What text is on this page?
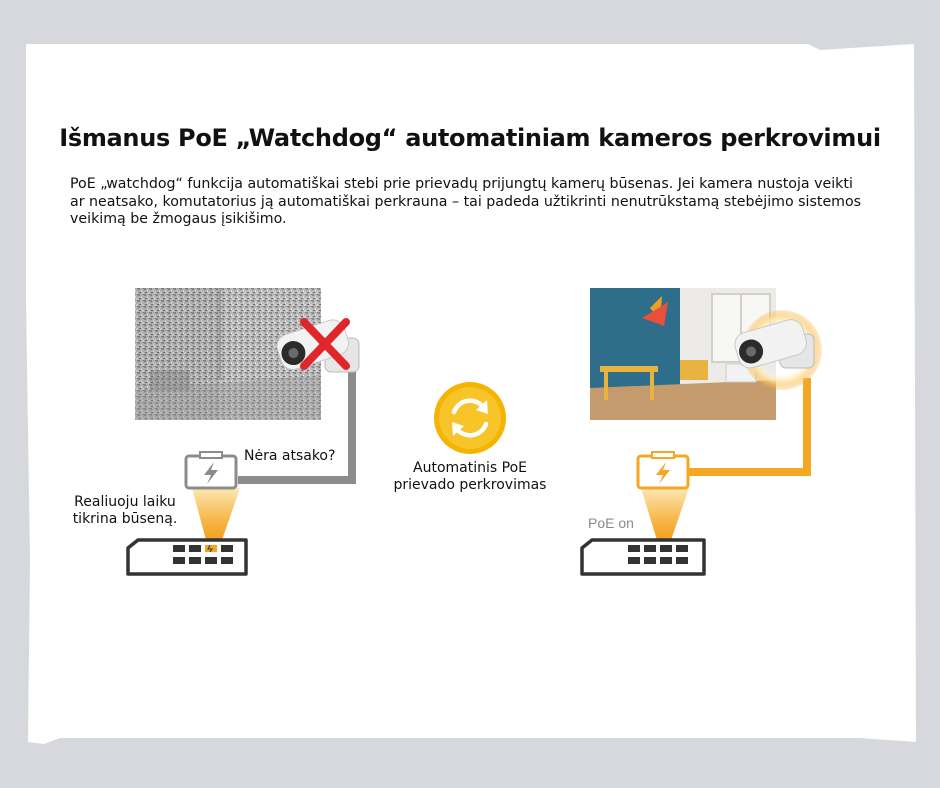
Išmanus PoE „Watchdog“ automatiniam kameros perkrovimui
PoE „watchdog“ funkcija automatiškai stebi prie prievadų prijungtų kamerų būsenas. Jei kamera nustoja veikti ar neatsako, komutatorius ją automatiškai perkrauna – tai padeda užtikrinti nenutrūkstamą stebėjimo sistemos veikimą be žmogaus įsikišimo.
Nėra atsako?
Realiuoju laiku
tikrina būseną.
Automatinis PoE
prievado perkrovimas
PoE on
